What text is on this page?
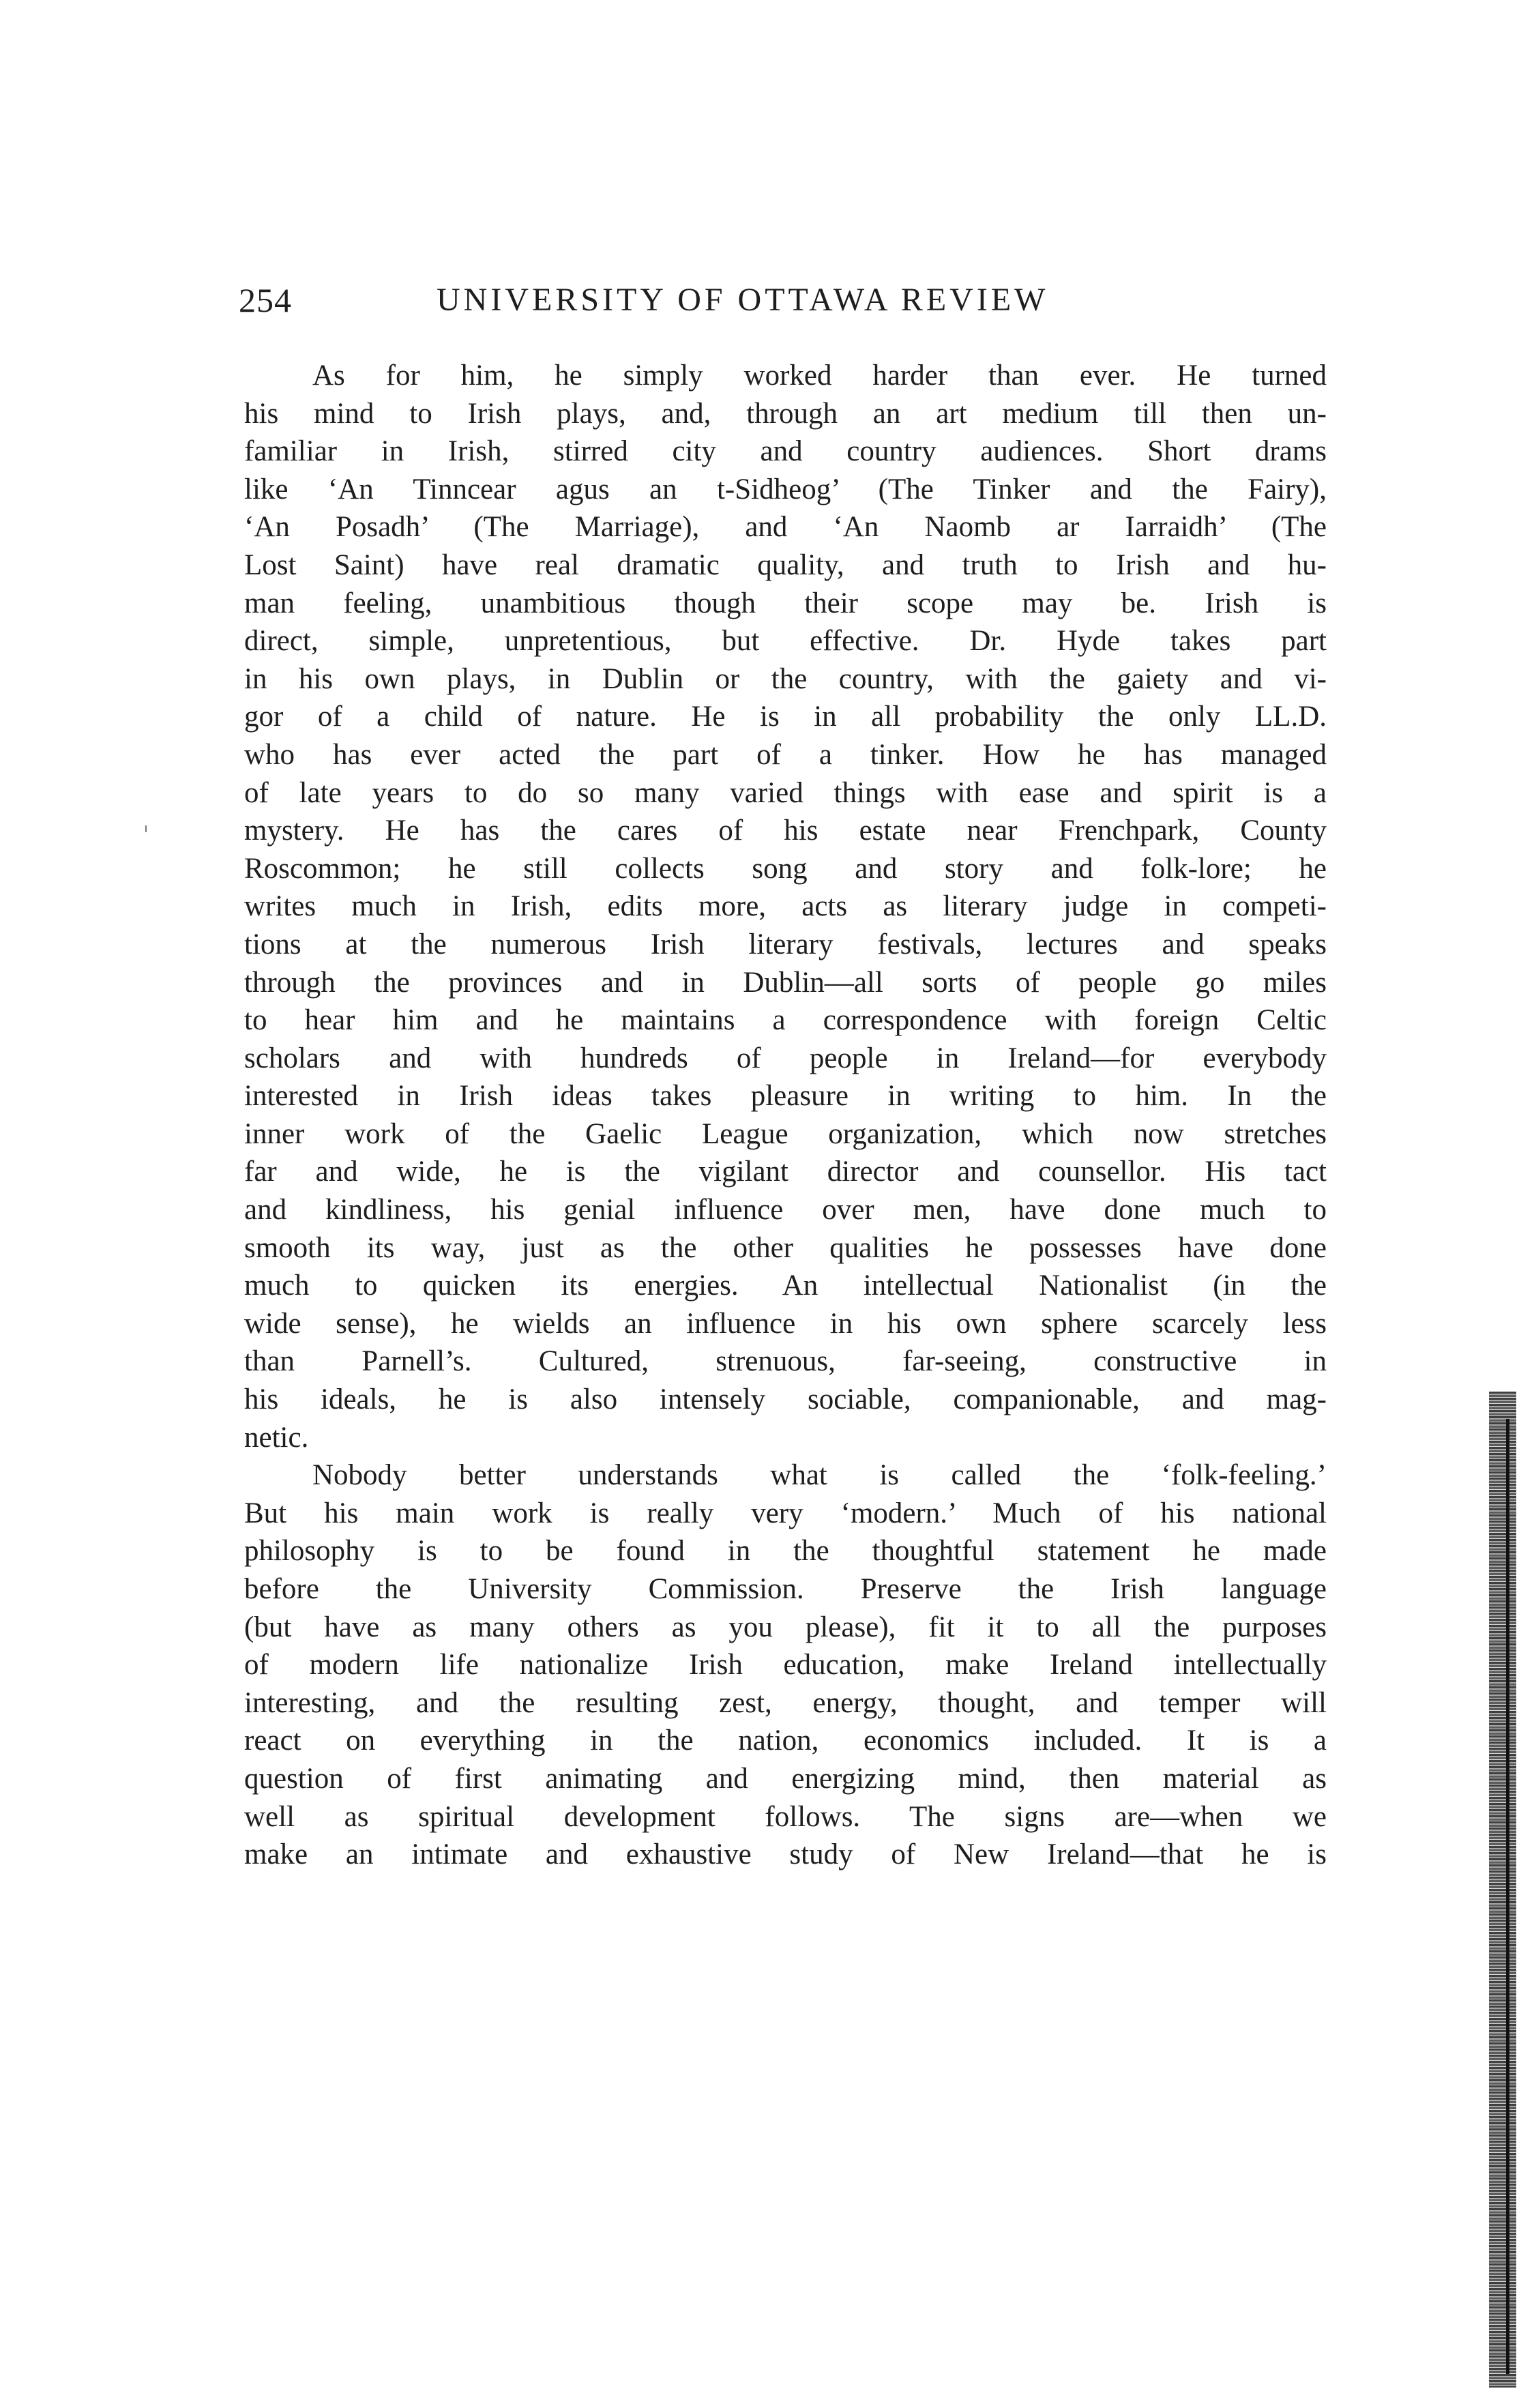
254	UNIVERSITY OF OTTAWA REVIEW
As for him, he simply worked harder than ever. He turned
his mind to Irish plays, and, through an art medium till then un-
familiar in Irish, stirred city and country audiences. Short drams
like ‘An Tinncear agus an t-Sidheog’ (The Tinker and the Fairy),
‘An Posadh’ (The Marriage), and ‘An Naomb ar Iarraidh’ (The
Lost Saint) have real dramatic quality, and truth to Irish and hu-
man feeling, unambitious though their scope may be. Irish is
direct, simple, unpretentious, but effective. Dr. Hyde takes part
in his own plays, in Dublin or the country, with the gaiety and vi-
gor of a child of nature. He is in all probability the only LL.D.
who has ever acted the part of a tinker. How he has managed
of late years to do so many varied things with ease and spirit is a
mystery. He has the cares of his estate near Frenchpark, County
Roscommon; he still collects song and story and folk-lore; he
writes much in Irish, edits more, acts as literary judge in competi-
tions at the numerous Irish literary festivals, lectures and speaks
through the provinces and in Dublin—all sorts of people go miles
to hear him and he maintains a correspondence with foreign Celtic
scholars and with hundreds of people in Ireland—for everybody
interested in Irish ideas takes pleasure in writing to him. In the
inner work of the Gaelic League organization, which now stretches
far and wide, he is the vigilant director and counsellor. His tact
and kindliness, his genial influence over men, have done much to
smooth its way, just as the other qualities he possesses have done
much to quicken its energies. An intellectual Nationalist (in the
wide sense), he wields an influence in his own sphere scarcely less
than Parnell’s. Cultured, strenuous, far-seeing, constructive in
his ideals, he is also intensely sociable, companionable, and mag-
netic.
Nobody better understands what is called the ‘folk-feeling.’
But his main work is really very ‘modern.’ Much of his national
philosophy is to be found in the thoughtful statement he made
before the University Commission. Preserve the Irish language
(but have as many others as you please), fit it to all the purposes
of modern life nationalize Irish education, make Ireland intellectually
interesting, and the resulting zest, energy, thought, and temper will
react on everything in the nation, economics included. It is a
question of first animating and energizing mind, then material as
well as spiritual development follows. The signs are—when we
make an intimate and exhaustive study of New Ireland—that he is
